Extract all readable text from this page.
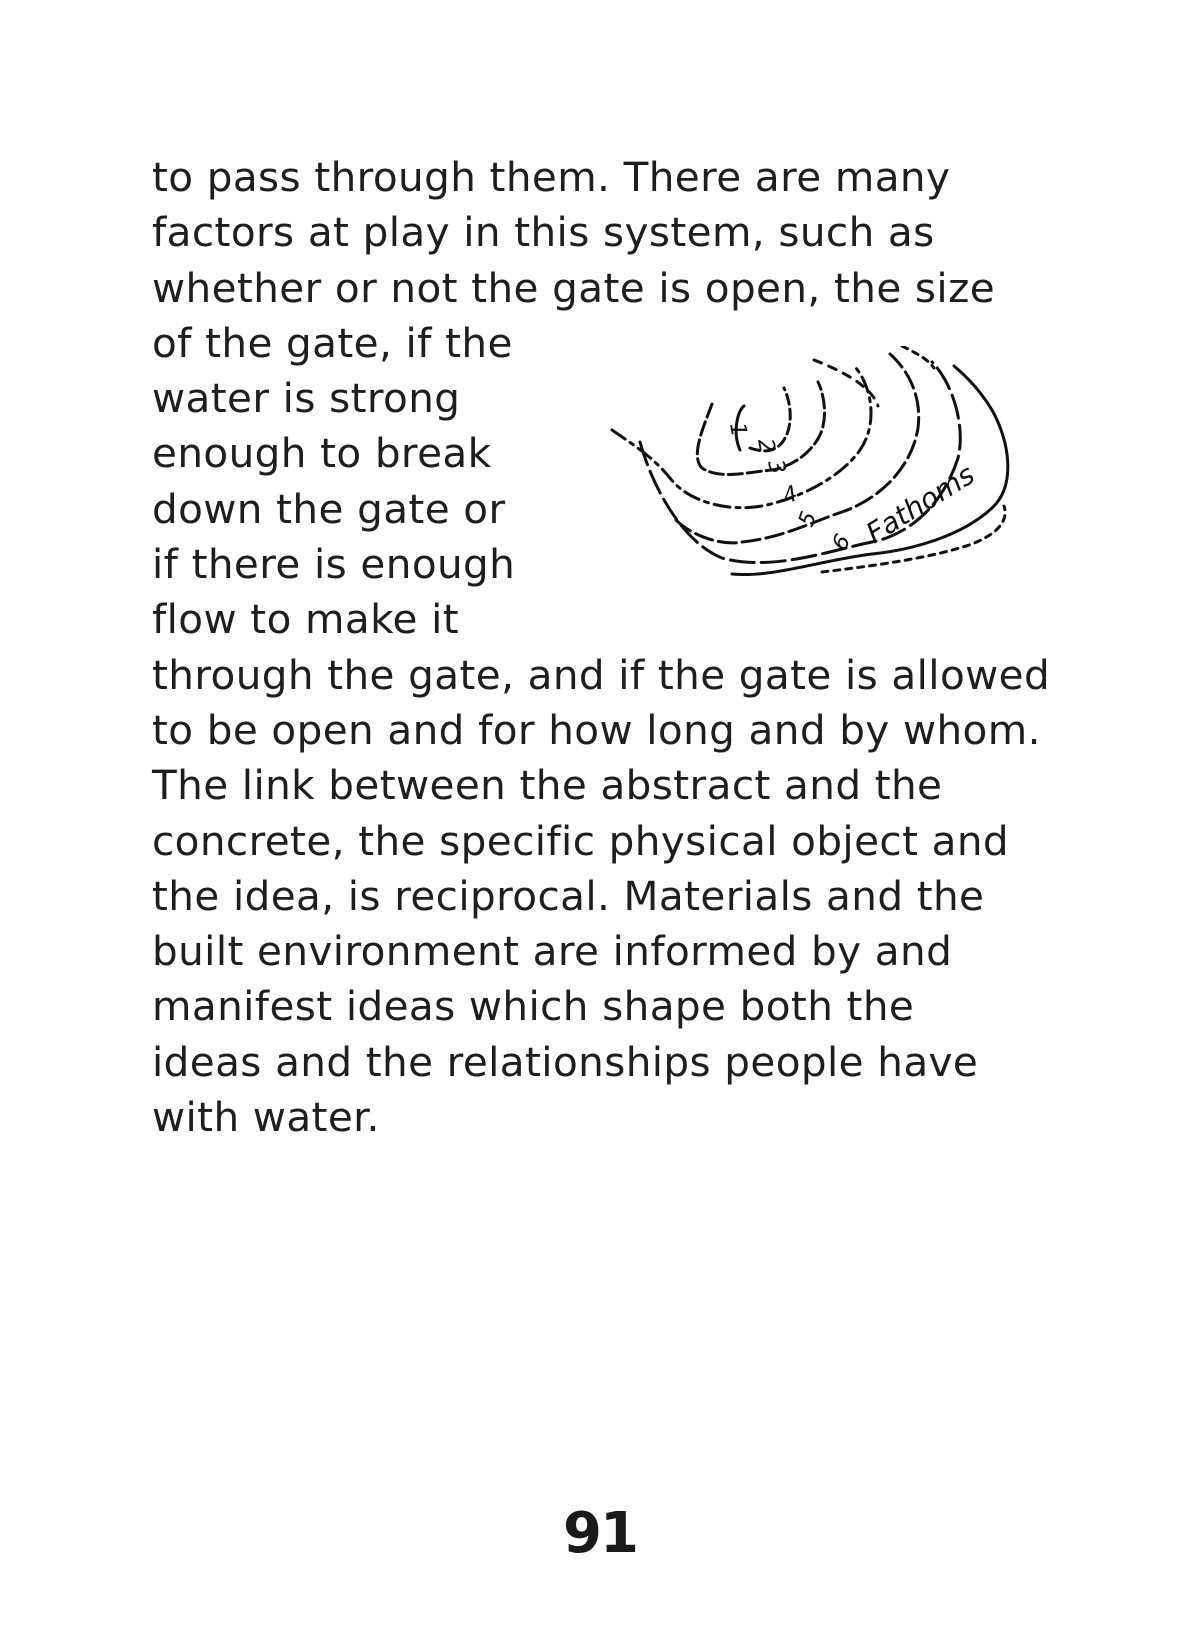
to pass through them. There are many
factors at play in this system, such as
whether or not the gate is open, the size
of the gate, if the
water is strong
enough to break
down the gate or
if there is enough
flow to make it
through the gate, and if the gate is allowed
to be open and for how long and by whom.
The link between the abstract and the
concrete, the specific physical object and
the idea, is reciprocal. Materials and the
built environment are informed by and
manifest ideas which shape both the
ideas and the relationships people have
with water.
1
2
3
4
5
6 Fathoms
91
